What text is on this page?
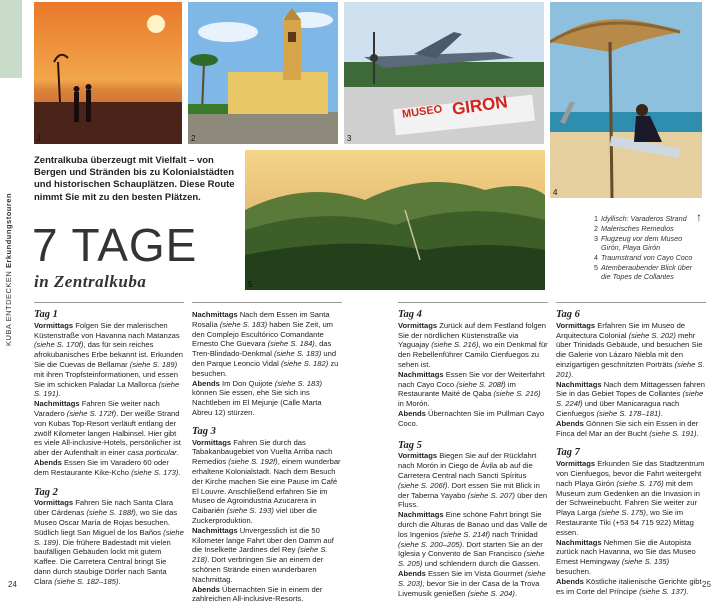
KUBA ENTDECKEN Erkundungstouren
1	2
MUSEO GIRON
3
4
5
Zentralkuba überzeugt mit Vielfalt – von Bergen und Stränden bis zu Kolonialstädten und historischen Schauplätzen. Diese Route nimmt Sie mit zu den besten Plätzen.
7 TAGE
in Zentralkuba
1 Idyllisch: Varaderos Strand
2 Malerisches Remedios
3 Flugzeug vor dem Museo Girón, Playa Girón
4 Traumstrand von Cayo Coco
5 Atemberaubender Blick über die Topes de Collantes
↑
Tag 1

Vormittags Folgen Sie der malerischen Küstenstraße von Havanna nach Matanzas (siehe S. 170f), das für sein reiches afrokubanisches Erbe bekannt ist. Erkunden Sie die Cuevas de Bellamar (siehe S. 189) mit ihren Tropfsteinformationen, und essen Sie im schicken Paladar La Mallorca (siehe S. 191).

Nachmittags Fahren Sie weiter nach Varadero (siehe S. 172f). Der weiße Strand von Kubas Top-Resort verläuft entlang der zwölf Kilometer langen Halbinsel. Hier gibt es viele All-inclusive-Hotels, persönlicher ist aber der Aufenthalt in einer casa porticular.

Abends Essen Sie im Varadero 60 oder dem Restaurante Kike-Kcho (siehe S. 173).

Tag 2

Vormittags Fahren Sie nach Santa Clara über Cárdenas (siehe S. 188f), wo Sie das Museo Oscar María de Rojas besuchen. Südlich liegt San Miguel de los Baños (siehe S. 189). Die frühere Badestadt mit vielen baufälligen Gebäuden lockt mit gutem Kaffee. Die Carretera Central bringt Sie dann durch staubige Dörfer nach Santa Clara (siehe S. 182–185).

Nachmittags Nach dem Essen im Santa Rosalía (siehe S. 183) haben Sie Zeit, um den Complejo Escultórico Comandante Ernesto Che Guevara (siehe S. 184), das Tren-Blindado-Denkmal (siehe S. 183) und den Parque Leoncio Vidal (siehe S. 182) zu besuchen.

Abends Im Don Quijote (siehe S. 183) können Sie essen, ehe Sie sich ins Nachtleben im El Mejunje (Calle Marta Abreu 12) stürzen.

Tag 3

Vormittags Fahren Sie durch das Tabakanbaugebiet von Vuelta Arriba nach Remedios (siehe S. 192f), einem wunderbar erhaltene Kolonialstadt. Nach dem Besuch der Kirche machen Sie eine Pause im Café El Louvre. Anschließend erfahren Sie im Museo de Agroindustria Azucarera in Caibarién (siehe S. 193) viel über die Zuckerproduktion.

Nachmittags Unvergesslich ist die 50 Kilometer lange Fahrt über den Damm auf die Inselkette Jardines del Rey (siehe S. 218). Dort verbringen Sie an einem der schönen Strände einen wunderbaren Nachmittag.

Abends Übernachten Sie in einem der zahlreichen All-inclusive-Resorts.

Tag 4

Vormittags Zurück auf dem Festland folgen Sie der nördlichen Küstenstraße via Yaguajay (siehe S. 216), wo ein Denkmal für den Rebellenführer Camilo Cienfuegos zu sehen ist.

Nachmittags Essen Sie vor der Weiterfahrt nach Cayo Coco (siehe S. 208f) im Restaurante Maité de Qaba (siehe S. 216) in Morón.

Abends Übernachten Sie im Pullman Cayo Coco.

Tag 5

Vormittags Biegen Sie auf der Rückfahrt nach Morón in Ciego de Ávila ab auf die Carretera Central nach Sancti Spíritus (siehe S. 206f). Dort essen Sie mit Blick in der Taberna Yayabo (siehe S. 207) über den Fluss.

Nachmittags Eine schöne Fahrt bringt Sie durch die Alturas de Banao und das Valle de los Ingenios (siehe S. 214f) nach Trinidad (siehe S. 200–205). Dort starten Sie an der Iglesia y Convento de San Francisco (siehe S. 205) und schlendern durch die Gassen.

Abends Essen Sie im Vista Gourmet (siehe S. 203), bevor Sie in der Casa de la Trova Livemusik genießen (siehe S. 204).

Tag 6

Vormittags Erfahren Sie im Museo de Arquitectura Colonial (siehe S. 202) mehr über Trinidads Gebäude, und besuchen Sie die Galerie von Lázaro Niebla mit den einzigartigen geschnitzten Porträts (siehe S. 201).

Nachmittags Nach dem Mittagessen fahren Sie in das Gebiet Topes de Collantes (siehe S. 224f) und über Manicaragua nach Cienfuegos (siehe S. 178–181).

Abends Gönnen Sie sich ein Essen in der Finca del Mar an der Bucht (siehe S. 191).

Tag 7

Vormittags Erkunden Sie das Stadtzentrum von Cienfuegos, bevor die Fahrt weitergeht nach Playa Girón (siehe S. 176) mit dem Museum zum Gedenken an die Invasion in der Schweinebucht. Fahren Sie weiter zur Playa Larga (siehe S. 175), wo Sie im Restaurante Tiki (+53 54 715 922) Mittag essen.

Nachmittags Nehmen Sie die Autopista zurück nach Havanna, wo Sie das Museo Ernest Hemingway (siehe S. 135) besuchen.

Abends Köstliche italienische Gerichte gibt es im Corte del Príncipe (siehe S. 137).

24	25
